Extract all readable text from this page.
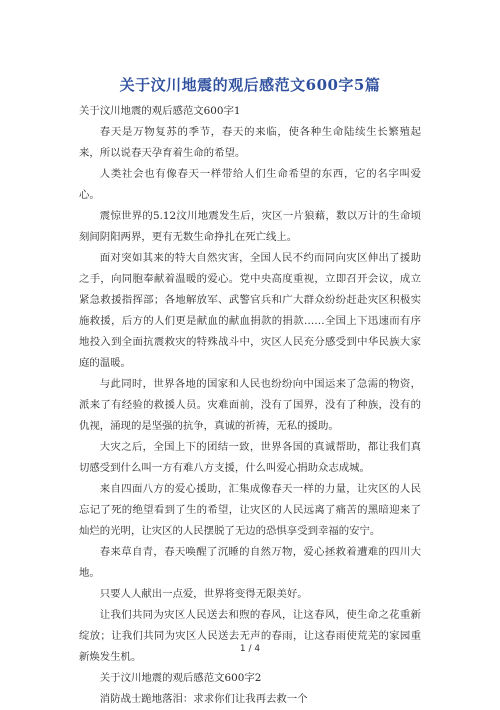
关于汶川地震的观后感范文600字5篇

关于汶川地震的观后感范文600字1

春天是万物复苏的季节，春天的来临，使各种生命陆续生长繁殖起来，所以说春天孕育着生命的希望。

人类社会也有像春天一样带给人们生命希望的东西，它的名字叫爱心。

震惊世界的5.12汶川地震发生后，灾区一片狼藉，数以万计的生命顷刻间阴阳两界，更有无数生命挣扎在死亡线上。

面对突如其来的特大自然灾害，全国人民不约而同向灾区伸出了援助之手，向同胞奉献着温暖的爱心。党中央高度重视，立即召开会议，成立紧急救援指挥部；各地解放军、武警官兵和广大群众纷纷赶赴灾区积极实施救援，后方的人们更是献血的献血捐款的捐款……全国上下迅速而有序地投入到全面抗震救灾的特殊战斗中，灾区人民充分感受到中华民族大家庭的温暖。

与此同时，世界各地的国家和人民也纷纷向中国运来了急需的物资，派来了有经验的救援人员。灾难面前，没有了国界，没有了种族，没有的仇视，涌现的是坚强的抗争，真诚的祈祷，无私的援助。

大灾之后，全国上下的团结一致，世界各国的真诚帮助，都让我们真切感受到什么叫一方有难八方支援，什么叫爱心捐助众志成城。

来自四面八方的爱心援助，汇集成像春天一样的力量，让灾区的人民忘记了死的绝望看到了生的希望，让灾区的人民远离了痛苦的黑暗迎来了灿烂的光明，让灾区的人民摆脱了无边的恐惧享受到幸福的安宁。

春来草自青，春天唤醒了沉睡的自然万物，爱心拯救着遭难的四川大地。

只要人人献出一点爱，世界将变得无限美好。

让我们共同为灾区人民送去和煦的春风，让这春风，使生命之花重新绽放；让我们共同为灾区人民送去无声的春雨，让这春雨使荒芜的家园重新焕发生机。

关于汶川地震的观后感范文600字2

消防战士跪地落泪：求求你们让我再去救一个

1 / 4
